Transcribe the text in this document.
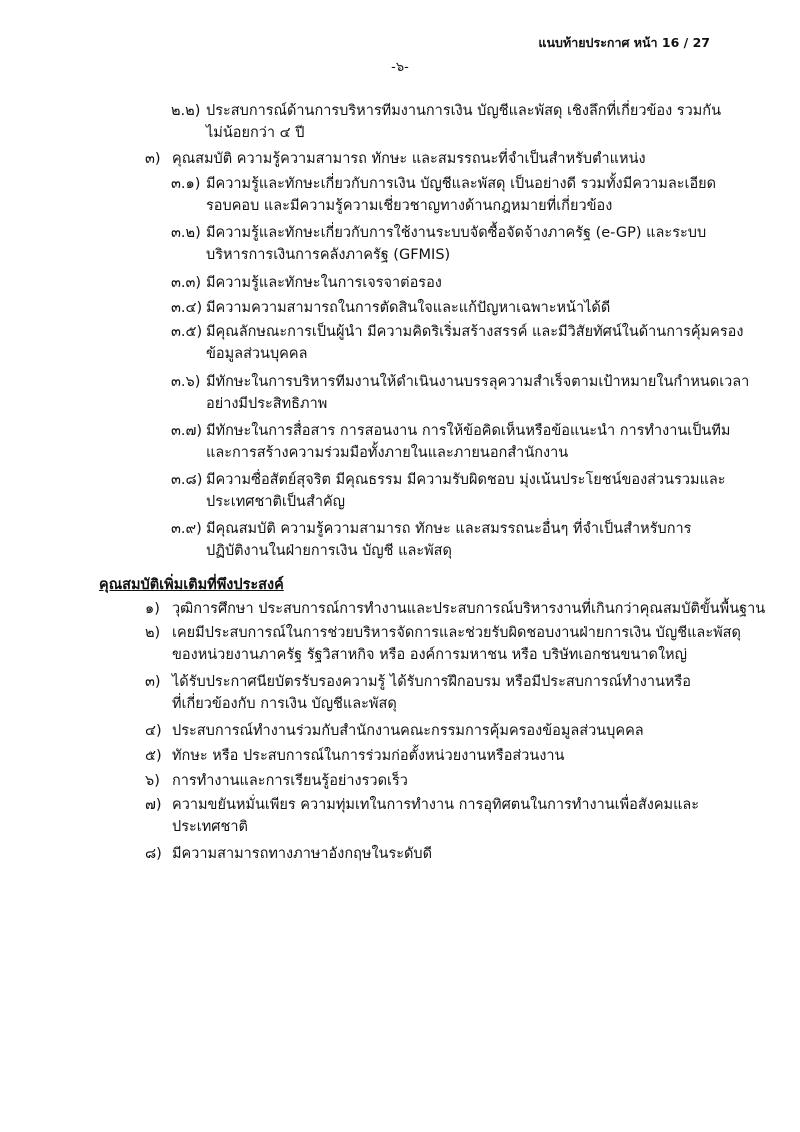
แนบท้ายประกาศ หน้า 16 / 27
-๖-
๒.๒) ประสบการณ์ด้านการบริหารทีมงานการเงิน บัญชีและพัสดุ เชิงลึกที่เกี่ยวข้อง รวมกัน
ไม่น้อยกว่า ๔ ปี
๓) คุณสมบัติ ความรู้ความสามารถ ทักษะ และสมรรถนะที่จำเป็นสำหรับตำแหน่ง
๓.๑) มีความรู้และทักษะเกี่ยวกับการเงิน บัญชีและพัสดุ เป็นอย่างดี รวมทั้งมีความละเอียด
รอบคอบ และมีความรู้ความเชี่ยวชาญทางด้านกฎหมายที่เกี่ยวข้อง
๓.๒) มีความรู้และทักษะเกี่ยวกับการใช้งานระบบจัดซื้อจัดจ้างภาครัฐ (e-GP) และระบบ
บริหารการเงินการคลังภาครัฐ (GFMIS)
๓.๓) มีความรู้และทักษะในการเจรจาต่อรอง
๓.๔) มีความความสามารถในการตัดสินใจและแก้ปัญหาเฉพาะหน้าได้ดี
๓.๕) มีคุณลักษณะการเป็นผู้นำ มีความคิดริเริ่มสร้างสรรค์ และมีวิสัยทัศน์ในด้านการคุ้มครอง
ข้อมูลส่วนบุคคล
๓.๖) มีทักษะในการบริหารทีมงานให้ดำเนินงานบรรลุความสำเร็จตามเป้าหมายในกำหนดเวลา
อย่างมีประสิทธิภาพ
๓.๗) มีทักษะในการสื่อสาร การสอนงาน การให้ข้อคิดเห็นหรือข้อแนะนำ การทำงานเป็นทีม
และการสร้างความร่วมมือทั้งภายในและภายนอกสำนักงาน
๓.๘) มีความซื่อสัตย์สุจริต มีคุณธรรม มีความรับผิดชอบ มุ่งเน้นประโยชน์ของส่วนรวมและ
ประเทศชาติเป็นสำคัญ
๓.๙) มีคุณสมบัติ ความรู้ความสามารถ ทักษะ และสมรรถนะอื่นๆ ที่จำเป็นสำหรับการ
ปฏิบัติงานในฝ่ายการเงิน บัญชี และพัสดุ
คุณสมบัติเพิ่มเติมที่พึงประสงค์
๑) วุฒิการศึกษา ประสบการณ์การทำงานและประสบการณ์บริหารงานที่เกินกว่าคุณสมบัติขั้นพื้นฐาน
๒) เคยมีประสบการณ์ในการช่วยบริหารจัดการและช่วยรับผิดชอบงานฝ่ายการเงิน บัญชีและพัสดุ
ของหน่วยงานภาครัฐ รัฐวิสาหกิจ หรือ องค์การมหาชน หรือ บริษัทเอกชนขนาดใหญ่
๓) ได้รับประกาศนียบัตรรับรองความรู้ ได้รับการฝึกอบรม หรือมีประสบการณ์ทำงานหรือ
ที่เกี่ยวข้องกับ การเงิน บัญชีและพัสดุ
๔) ประสบการณ์ทำงานร่วมกับสำนักงานคณะกรรมการคุ้มครองข้อมูลส่วนบุคคล
๕) ทักษะ หรือ ประสบการณ์ในการร่วมก่อตั้งหน่วยงานหรือส่วนงาน
๖) การทำงานและการเรียนรู้อย่างรวดเร็ว
๗) ความขยันหมั่นเพียร ความทุ่มเทในการทำงาน การอุทิศตนในการทำงานเพื่อสังคมและ
ประเทศชาติ
๘) มีความสามารถทางภาษาอังกฤษในระดับดี
